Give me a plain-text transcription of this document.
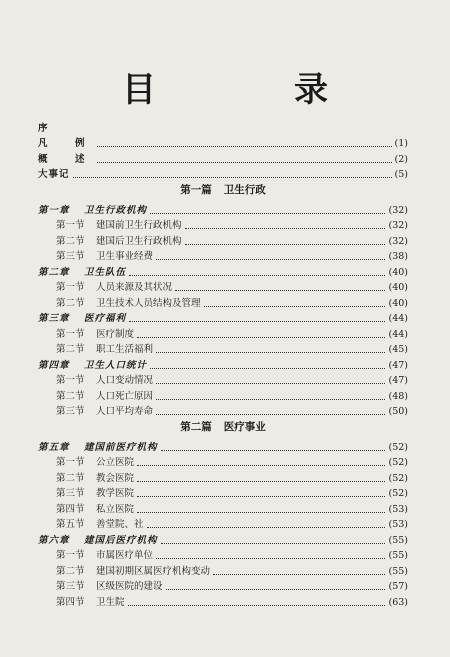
目　录
序
凡　例	(1)
概　述	(2)
大事记	(5)
第一篇 卫生行政
第一章 卫生行政机构	(32)
第一节 建国前卫生行政机构	(32)
第二节 建国后卫生行政机构	(32)
第三节 卫生事业经费	(38)
第二章 卫生队伍	(40)
第一节 人员来源及其状况	(40)
第二节 卫生技术人员结构及管理	(40)
第三章 医疗福利	(44)
第一节 医疗制度	(44)
第二节 职工生活福利	(45)
第四章 卫生人口统计	(47)
第一节 人口变动情况	(47)
第二节 人口死亡原因	(48)
第三节 人口平均寿命	(50)
第二篇 医疗事业
第五章 建国前医疗机构	(52)
第一节 公立医院	(52)
第二节 教会医院	(52)
第三节 教学医院	(52)
第四节 私立医院	(53)
第五节 善堂院、社	(53)
第六章 建国后医疗机构	(55)
第一节 市属医疗单位	(55)
第二节 建国初期区属医疗机构变动	(55)
第三节 区级医院的建设	(57)
第四节 卫生院	(63)
